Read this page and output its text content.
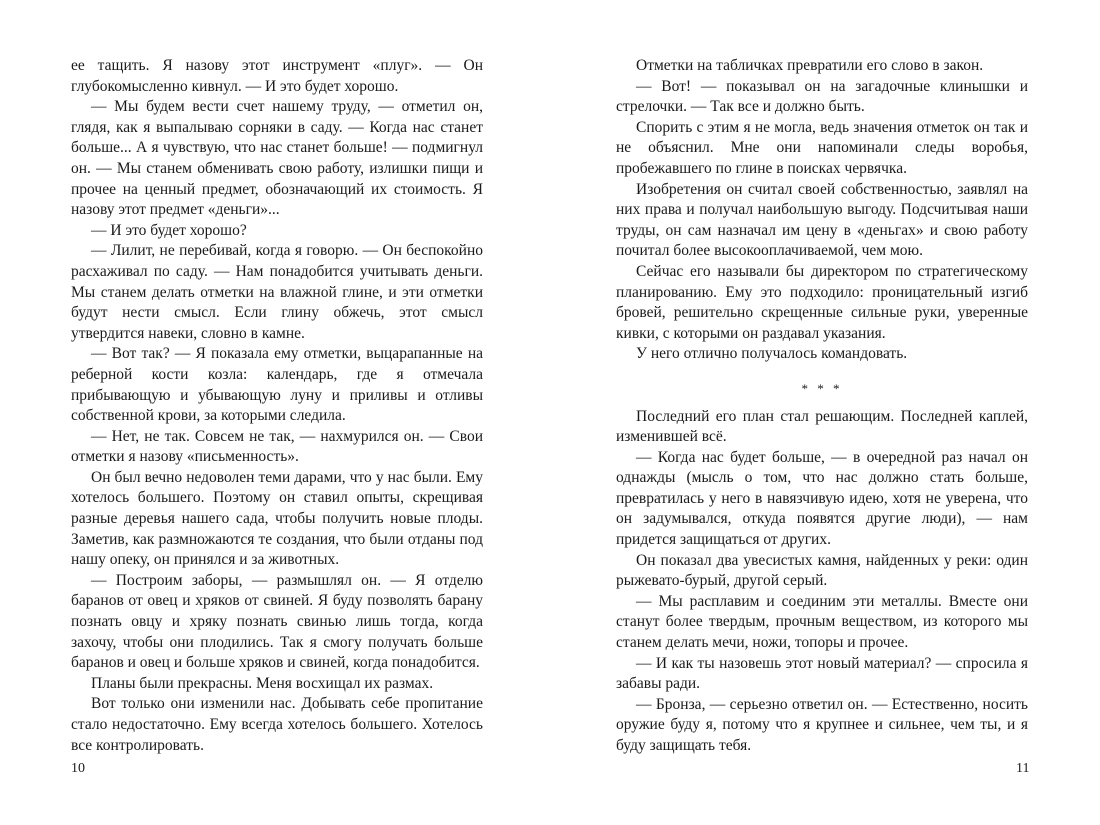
ее тащить. Я назову этот инструмент «плуг». — Он глубокомысленно кивнул. — И это будет хорошо.

— Мы будем вести счет нашему труду, — отметил он, глядя, как я выпалываю сорняки в саду. — Когда нас станет больше... А я чувствую, что нас станет больше! — подмигнул он. — Мы станем обменивать свою работу, излишки пищи и прочее на ценный предмет, обозначающий их стоимость. Я назову этот предмет «деньги»...

— И это будет хорошо?

— Лилит, не перебивай, когда я говорю. — Он беспокойно расхаживал по саду. — Нам понадобится учитывать деньги. Мы станем делать отметки на влажной глине, и эти отметки будут нести смысл. Если глину обжечь, этот смысл утвердится навеки, словно в камне.

— Вот так? — Я показала ему отметки, выцарапанные на реберной кости козла: календарь, где я отмечала прибывающую и убывающую луну и приливы и отливы собственной крови, за которыми следила.

— Нет, не так. Совсем не так, — нахмурился он. — Свои отметки я назову «письменность».

Он был вечно недоволен теми дарами, что у нас были. Ему хотелось большего. Поэтому он ставил опыты, скрещивая разные деревья нашего сада, чтобы получить новые плоды. Заметив, как размножаются те создания, что были отданы под нашу опеку, он принялся и за животных.

— Построим заборы, — размышлял он. — Я отделю баранов от овец и хряков от свиней. Я буду позволять барану познать овцу и хряку познать свинью лишь тогда, когда захочу, чтобы они плодились. Так я смогу получать больше баранов и овец и больше хряков и свиней, когда понадобится.

Планы были прекрасны. Меня восхищал их размах.

Вот только они изменили нас. Добывать себе пропитание стало недостаточно. Ему всегда хотелось большего. Хотелось все контролировать.

10

Отметки на табличках превратили его слово в закон.

— Вот! — показывал он на загадочные клинышки и стрелочки. — Так все и должно быть.

Спорить с этим я не могла, ведь значения отметок он так и не объяснил. Мне они напоминали следы воробья, пробежавшего по глине в поисках червячка.

Изобретения он считал своей собственностью, заявлял на них права и получал наибольшую выгоду. Подсчитывая наши труды, он сам назначал им цену в «деньгах» и свою работу почитал более высокооплачиваемой, чем мою.

Сейчас его называли бы директором по стратегическому планированию. Ему это подходило: проницательный изгиб бровей, решительно скрещенные сильные руки, уверенные кивки, с которыми он раздавал указания.

У него отлично получалось командовать.

* * *

Последний его план стал решающим. Последней каплей, изменившей всё.

— Когда нас будет больше, — в очередной раз начал он однажды (мысль о том, что нас должно стать больше, превратилась у него в навязчивую идею, хотя не уверена, что он задумывался, откуда появятся другие люди), — нам придется защищаться от других.

Он показал два увесистых камня, найденных у реки: один рыжевато-бурый, другой серый.

— Мы расплавим и соединим эти металлы. Вместе они станут более твердым, прочным веществом, из которого мы станем делать мечи, ножи, топоры и прочее.

— И как ты назовешь этот новый материал? — спросила я забавы ради.

— Бронза, — серьезно ответил он. — Естественно, носить оружие буду я, потому что я крупнее и сильнее, чем ты, и я буду защищать тебя.

11
